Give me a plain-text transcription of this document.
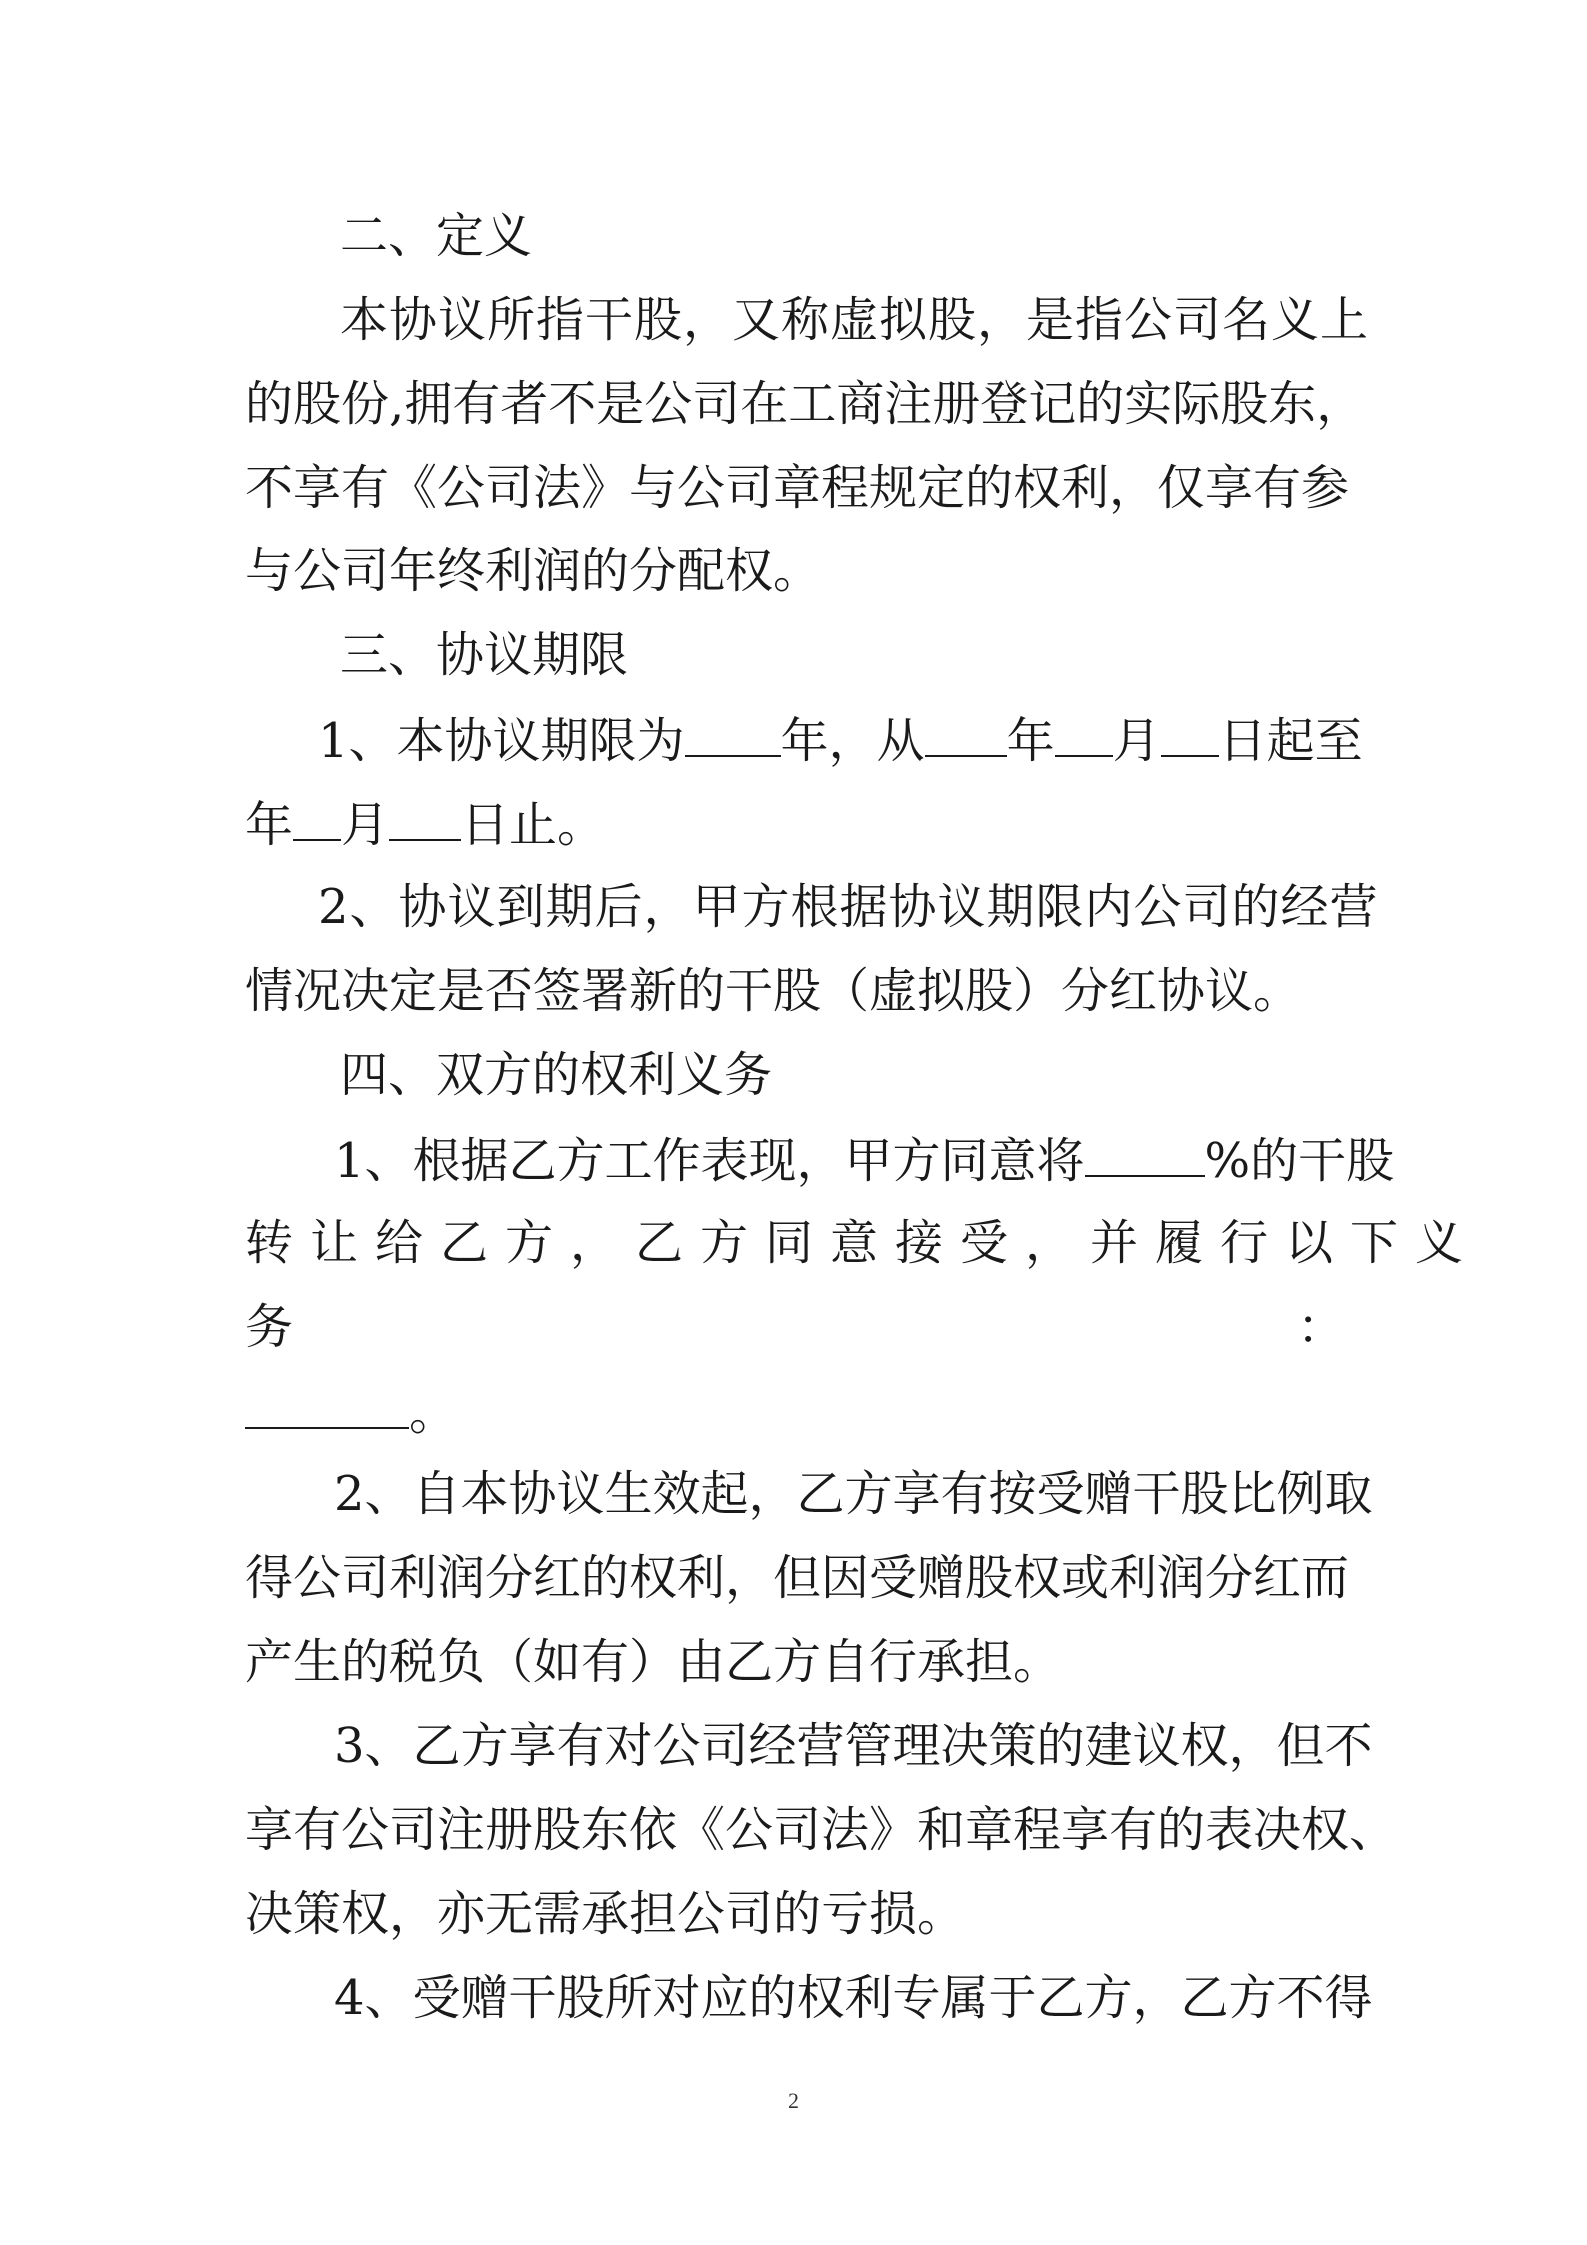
二、定义

本协议所指干股，又称虚拟股，是指公司名义上

的股份,拥有者不是公司在工商注册登记的实际股东，

不享有《公司法》与公司章程规定的权利，仅享有参

与公司年终利润的分配权。

三、协议期限

1、本协议期限为 年，从 年 月 日起至

年 月 日止。

2、协议到期后，甲方根据协议期限内公司的经营

情况决定是否签署新的干股（虚拟股）分红协议。

四、双方的权利义务

1、根据乙方工作表现，甲方同意将	%的干股

转让给乙方，乙方同意接受，并履行以下义

务	：

。

2、自本协议生效起，乙方享有按受赠干股比例取

得公司利润分红的权利，但因受赠股权或利润分红而

产生的税负（如有）由乙方自行承担。

3、乙方享有对公司经营管理决策的建议权，但不

享有公司注册股东依《公司法》和章程享有的表决权、

决策权，亦无需承担公司的亏损。

4、受赠干股所对应的权利专属于乙方，乙方不得

2
